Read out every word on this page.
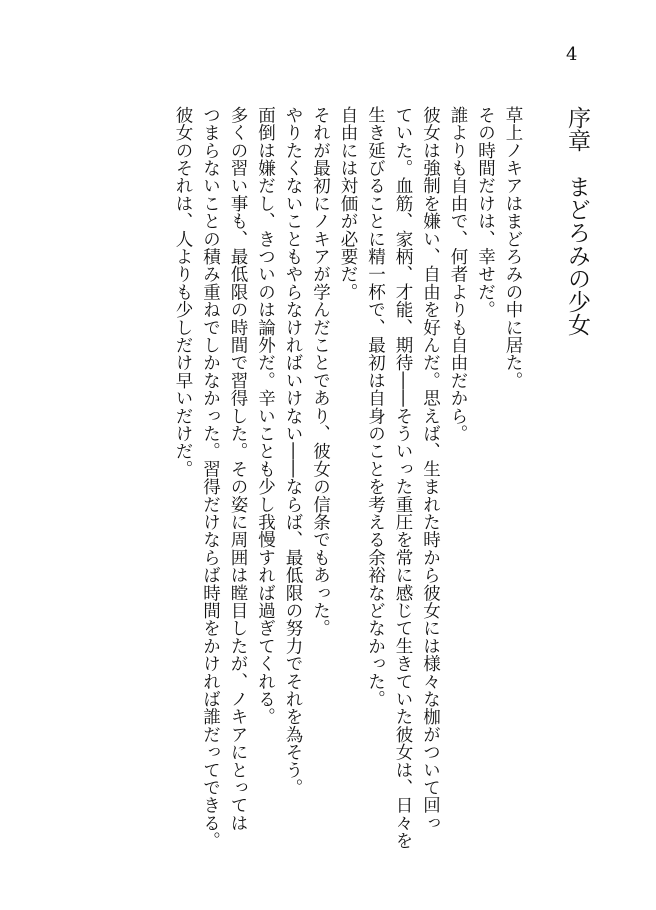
4
序章　まどろみの少女
草上ノキアはまどろみの中に居た。
その時間だけは、幸せだ。
誰よりも自由で、何者よりも自由だから。
彼女は強制を嫌い、自由を好んだ。思えば、生まれた時から彼女には様々な枷がついて回っ
ていた。血筋、家柄、才能、期待――そういった重圧を常に感じて生きていた彼女は、日々を
生き延びることに精一杯で、最初は自身のことを考える余裕などなかった。
自由には対価が必要だ。
それが最初にノキアが学んだことであり、彼女の信条でもあった。
やりたくないこともやらなければいけない――ならば、最低限の努力でそれを為そう。
面倒は嫌だし、きついのは論外だ。辛いことも少し我慢すれば過ぎてくれる。
多くの習い事も、最低限の時間で習得した。その姿に周囲は瞠目したが、ノキアにとっては
つまらないことの積み重ねでしかなかった。習得だけならば時間をかければ誰だってできる。
彼女のそれは、人よりも少しだけ早いだけだ。
